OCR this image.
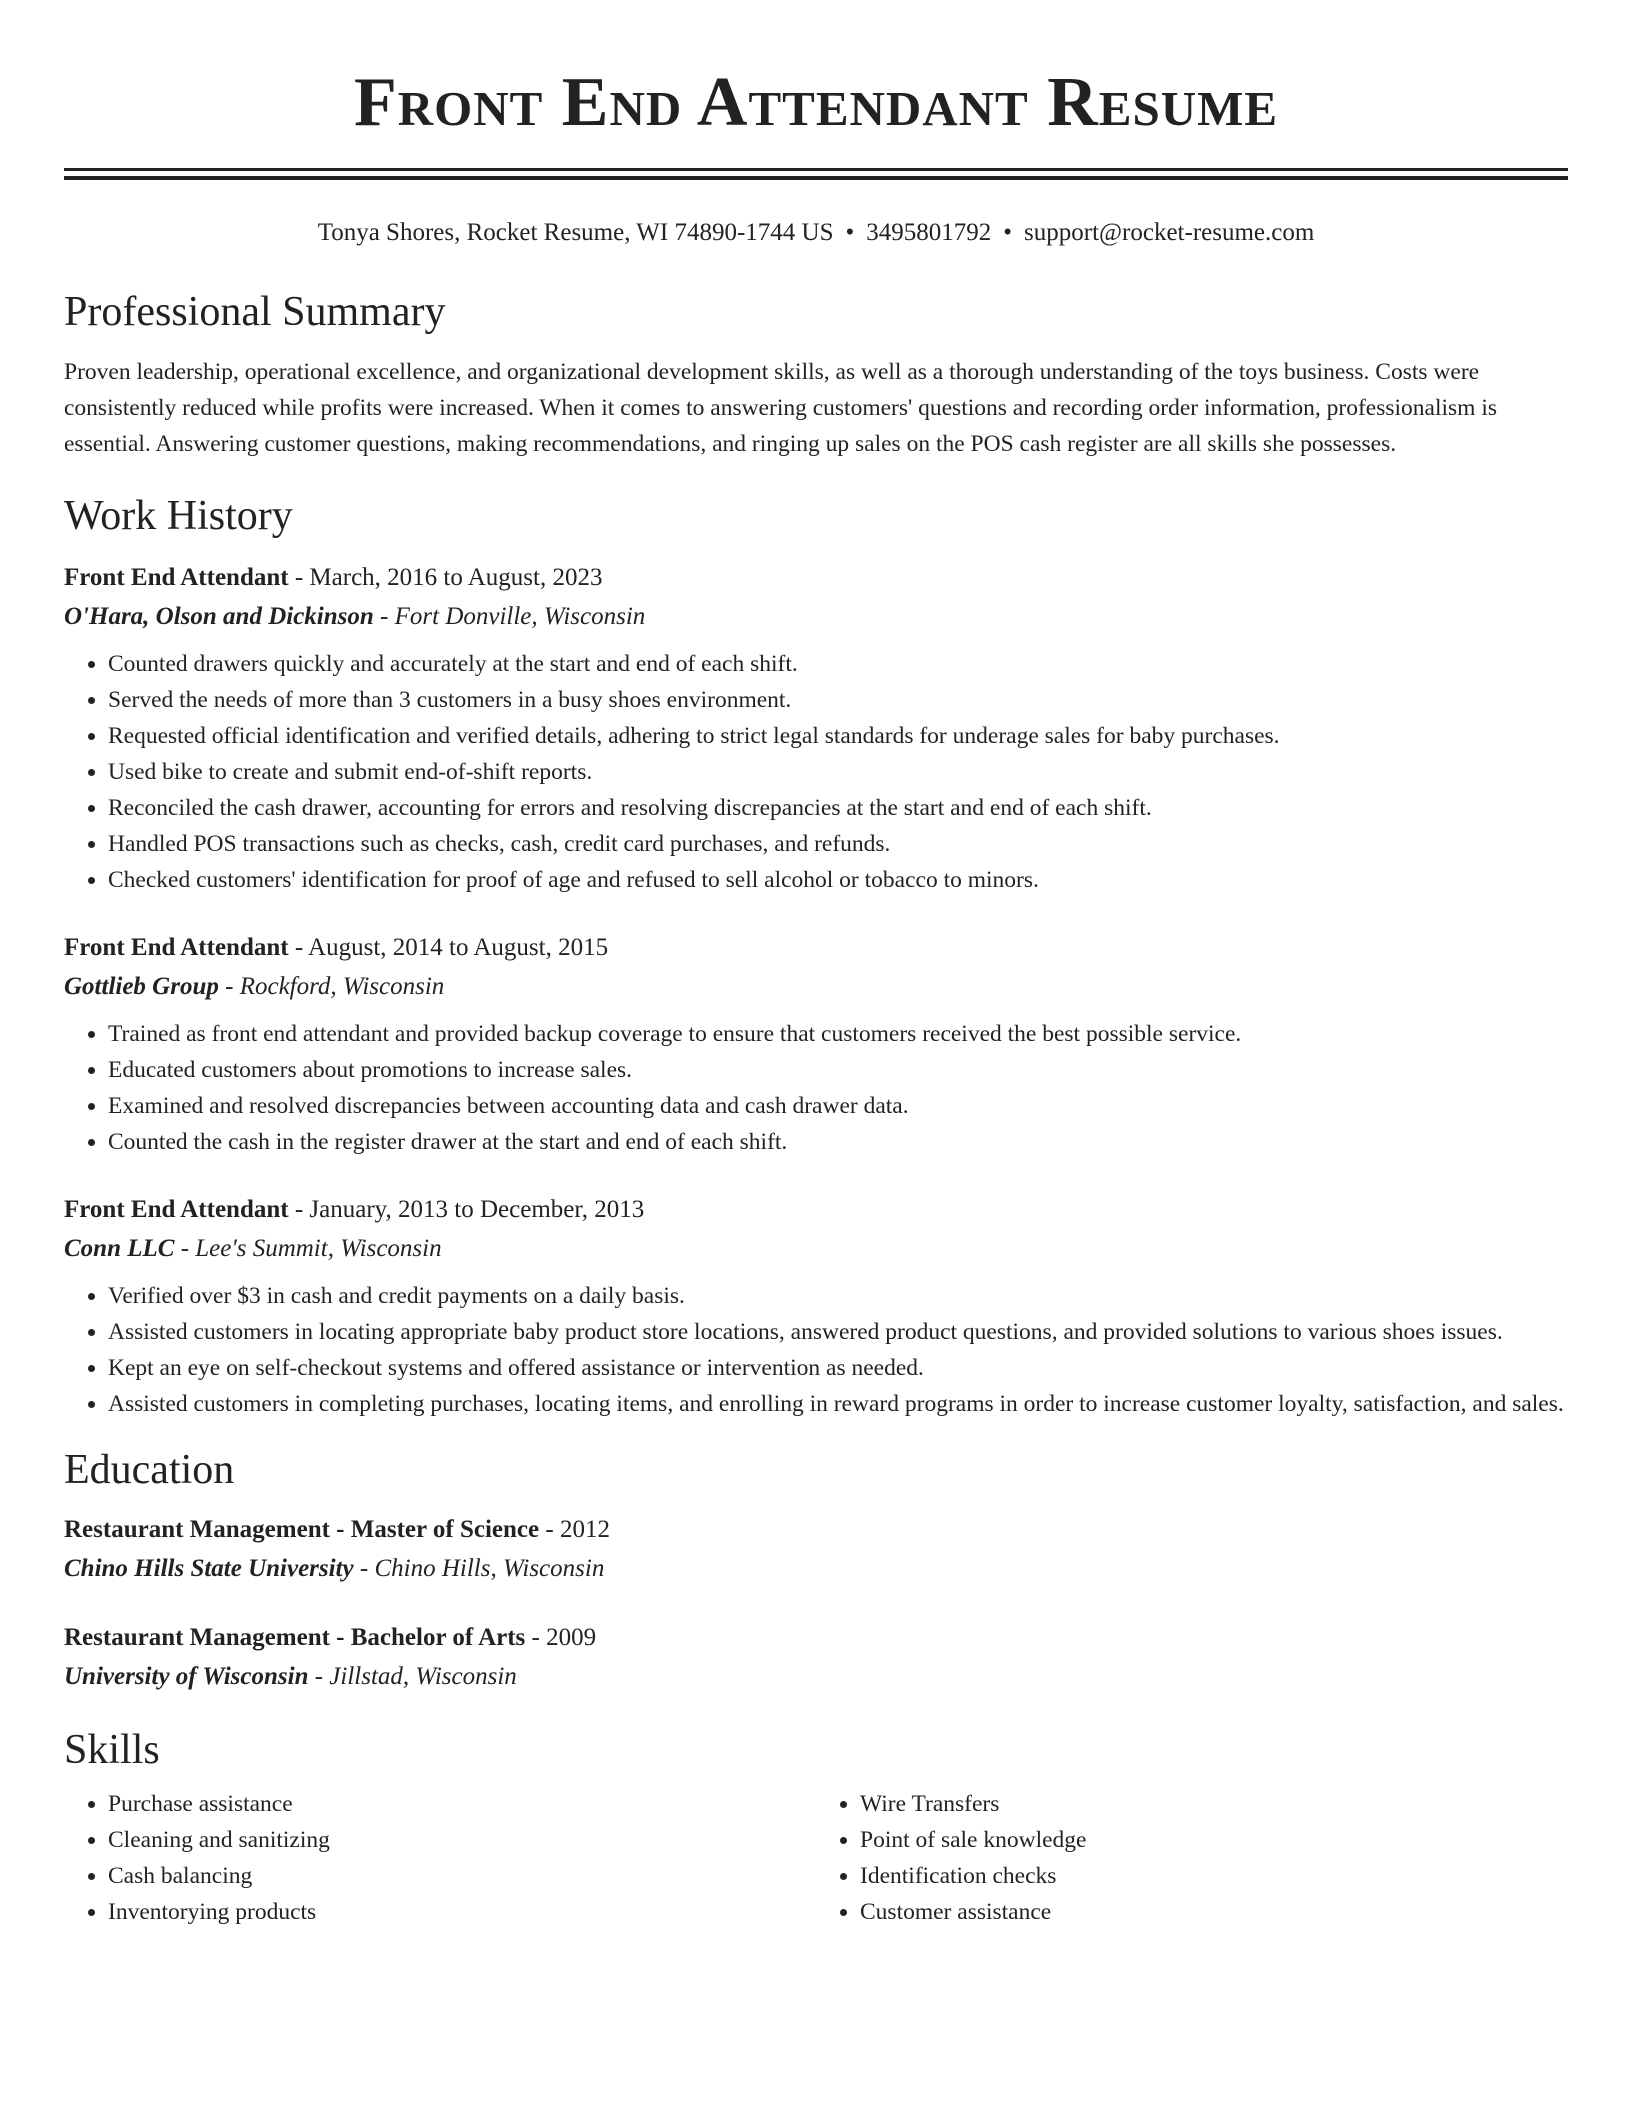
Front End Attendant Resume
Tonya Shores, Rocket Resume, WI 74890-1744 US • 3495801792 • support@rocket-resume.com
Professional Summary
Proven leadership, operational excellence, and organizational development skills, as well as a thorough understanding of the toys business. Costs were consistently reduced while profits were increased. When it comes to answering customers' questions and recording order information, professionalism is essential. Answering customer questions, making recommendations, and ringing up sales on the POS cash register are all skills she possesses.
Work History
Front End Attendant - March, 2016 to August, 2023
O'Hara, Olson and Dickinson - Fort Donville, Wisconsin
• Counted drawers quickly and accurately at the start and end of each shift.
• Served the needs of more than 3 customers in a busy shoes environment.
• Requested official identification and verified details, adhering to strict legal standards for underage sales for baby purchases.
• Used bike to create and submit end-of-shift reports.
• Reconciled the cash drawer, accounting for errors and resolving discrepancies at the start and end of each shift.
• Handled POS transactions such as checks, cash, credit card purchases, and refunds.
• Checked customers' identification for proof of age and refused to sell alcohol or tobacco to minors.
Front End Attendant - August, 2014 to August, 2015
Gottlieb Group - Rockford, Wisconsin
• Trained as front end attendant and provided backup coverage to ensure that customers received the best possible service.
• Educated customers about promotions to increase sales.
• Examined and resolved discrepancies between accounting data and cash drawer data.
• Counted the cash in the register drawer at the start and end of each shift.
Front End Attendant - January, 2013 to December, 2013
Conn LLC - Lee's Summit, Wisconsin
• Verified over $3 in cash and credit payments on a daily basis.
• Assisted customers in locating appropriate baby product store locations, answered product questions, and provided solutions to various shoes issues.
• Kept an eye on self-checkout systems and offered assistance or intervention as needed.
• Assisted customers in completing purchases, locating items, and enrolling in reward programs in order to increase customer loyalty, satisfaction, and sales.
Education
Restaurant Management - Master of Science - 2012
Chino Hills State University - Chino Hills, Wisconsin
Restaurant Management - Bachelor of Arts - 2009
University of Wisconsin - Jillstad, Wisconsin
Skills
• Purchase assistance
• Cleaning and sanitizing
• Cash balancing
• Inventorying products
• Wire Transfers
• Point of sale knowledge
• Identification checks
• Customer assistance
